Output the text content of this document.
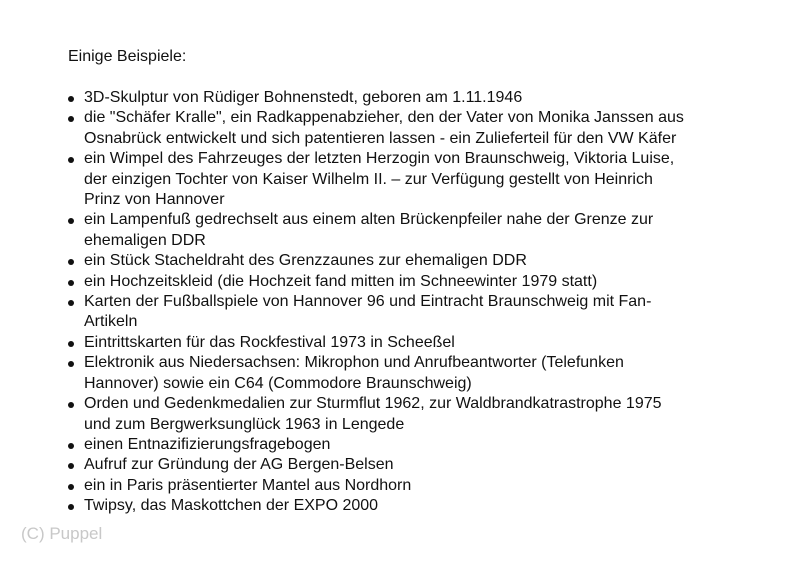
Einige Beispiele:
3D-Skulptur von Rüdiger Bohnenstedt, geboren am 1.11.1946
die "Schäfer Kralle", ein Radkappenabzieher, den der Vater von Monika Janssen aus
Osnabrück entwickelt und sich patentieren lassen - ein Zulieferteil für den VW Käfer
ein Wimpel des Fahrzeuges der letzten Herzogin von Braunschweig, Viktoria Luise,
der einzigen Tochter von Kaiser Wilhelm II. – zur Verfügung gestellt von Heinrich
Prinz von Hannover
ein Lampenfuß gedrechselt aus einem alten Brückenpfeiler nahe der Grenze zur
ehemaligen DDR
ein Stück Stacheldraht des Grenzzaunes zur ehemaligen DDR
ein Hochzeitskleid (die Hochzeit fand mitten im Schneewinter 1979 statt)
Karten der Fußballspiele von Hannover 96 und Eintracht Braunschweig mit Fan-
Artikeln
Eintrittskarten für das Rockfestival 1973 in Scheeßel
Elektronik aus Niedersachsen: Mikrophon und Anrufbeantworter (Telefunken
Hannover) sowie ein C64 (Commodore Braunschweig)
Orden und Gedenkmedalien zur Sturmflut 1962, zur Waldbrandkatrastrophe 1975
und zum Bergwerksunglück 1963 in Lengede
einen Entnazifizierungsfragebogen
Aufruf zur Gründung der AG Bergen-Belsen
ein in Paris präsentierter Mantel aus Nordhorn
Twipsy, das Maskottchen der EXPO 2000
(C) Puppel
